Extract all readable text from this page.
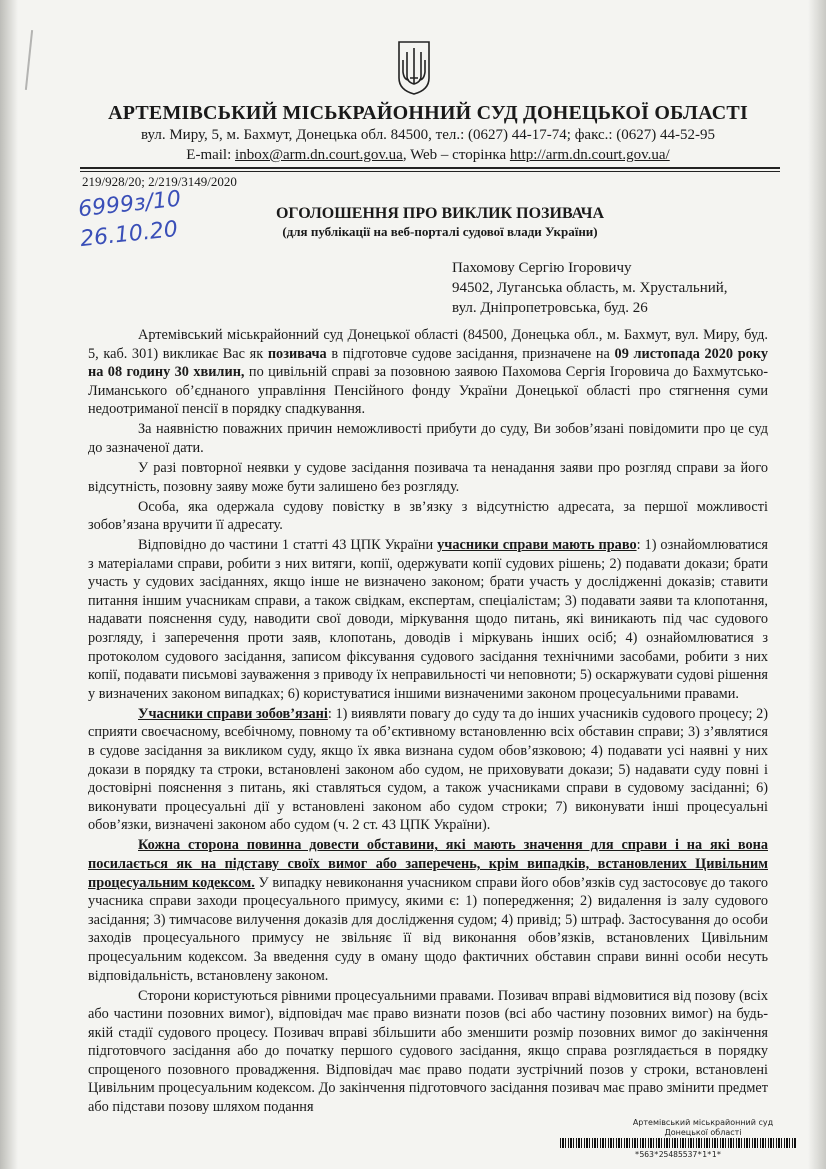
АРТЕМІВСЬКИЙ МІСЬКРАЙОННИЙ СУД ДОНЕЦЬКОЇ ОБЛАСТІ
вул. Миру, 5, м. Бахмут, Донецька обл. 84500, тел.: (0627) 44-17-74; факс.: (0627) 44-52-95
E-mail: inbox@arm.dn.court.gov.ua, Web – сторінка http://arm.dn.court.gov.ua/
219/928/20; 2/219/3149/2020
6999з/10
26.10.20
ОГОЛОШЕННЯ ПРО ВИКЛИК ПОЗИВАЧА
(для публікації на веб-порталі судової влади України)
Пахомову Сергію Ігоровичу
94502, Луганська область, м. Хрустальний,
вул. Дніпропетровська, буд. 26

Артемівський міськрайонний суд Донецької області (84500, Донецька обл., м. Бахмут, вул. Миру, буд. 5, каб. 301) викликає Вас як позивача в підготовче судове засідання, призначене на 09 листопада 2020 року на 08 годину 30 хвилин, по цивільній справі за позовною заявою Пахомова Сергія Ігоровича до Бахмутсько-Лиманського об’єднаного управління Пенсійного фонду України Донецької області про стягнення суми недоотриманої пенсії в порядку спадкування.

За наявністю поважних причин неможливості прибути до суду, Ви зобов’язані повідомити про це суд до зазначеної дати.

У разі повторної неявки у судове засідання позивача та ненадання заяви про розгляд справи за його відсутність, позовну заяву може бути залишено без розгляду.

Особа, яка одержала судову повістку в зв’язку з відсутністю адресата, за першої можливості зобов’язана вручити її адресату.

Відповідно до частини 1 статті 43 ЦПК України учасники справи мають право: 1) ознайомлюватися з матеріалами справи, робити з них витяги, копії, одержувати копії судових рішень; 2) подавати докази; брати участь у судових засіданнях, якщо інше не визначено законом; брати участь у дослідженні доказів; ставити питання іншим учасникам справи, а також свідкам, експертам, спеціалістам; 3) подавати заяви та клопотання, надавати пояснення суду, наводити свої доводи, міркування щодо питань, які виникають під час судового розгляду, і заперечення проти заяв, клопотань, доводів і міркувань інших осіб; 4) ознайомлюватися з протоколом судового засідання, записом фіксування судового засідання технічними засобами, робити з них копії, подавати письмові зауваження з приводу їх неправильності чи неповноти; 5) оскаржувати судові рішення у визначених законом випадках; 6) користуватися іншими визначеними законом процесуальними правами.

Учасники справи зобов’язані: 1) виявляти повагу до суду та до інших учасників судового процесу; 2) сприяти своєчасному, всебічному, повному та об’єктивному встановленню всіх обставин справи; 3) з’являтися в судове засідання за викликом суду, якщо їх явка визнана судом обов’язковою; 4) подавати усі наявні у них докази в порядку та строки, встановлені законом або судом, не приховувати докази; 5) надавати суду повні і достовірні пояснення з питань, які ставляться судом, а також учасниками справи в судовому засіданні; 6) виконувати процесуальні дії у встановлені законом або судом строки; 7) виконувати інші процесуальні обов’язки, визначені законом або судом (ч. 2 ст. 43 ЦПК України).

Кожна сторона повинна довести обставини, які мають значення для справи і на які вона посилається як на підставу своїх вимог або заперечень, крім випадків, встановлених Цивільним процесуальним кодексом. У випадку невиконання учасником справи його обов’язків суд застосовує до такого учасника справи заходи процесуального примусу, якими є: 1) попередження; 2) видалення із залу судового засідання; 3) тимчасове вилучення доказів для дослідження судом; 4) привід; 5) штраф. Застосування до особи заходів процесуального примусу не звільняє її від виконання обов’язків, встановлених Цивільним процесуальним кодексом. За введення суду в оману щодо фактичних обставин справи винні особи несуть відповідальність, встановлену законом.

Сторони користуються рівними процесуальними правами. Позивач вправі відмовитися від позову (всіх або частини позовних вимог), відповідач має право визнати позов (всі або частину позовних вимог) на будь-якій стадії судового процесу. Позивач вправі збільшити або зменшити розмір позовних вимог до закінчення підготовчого засідання або до початку першого судового засідання, якщо справа розглядається в порядку спрощеного позовного провадження. Відповідач має право подати зустрічний позов у строки, встановлені Цивільним процесуальним кодексом. До закінчення підготовчого засідання позивач має право змінити предмет або підстави позову шляхом подання

Артемівський міськрайонний суд
Донецької області
*563*25485537*1*1*
